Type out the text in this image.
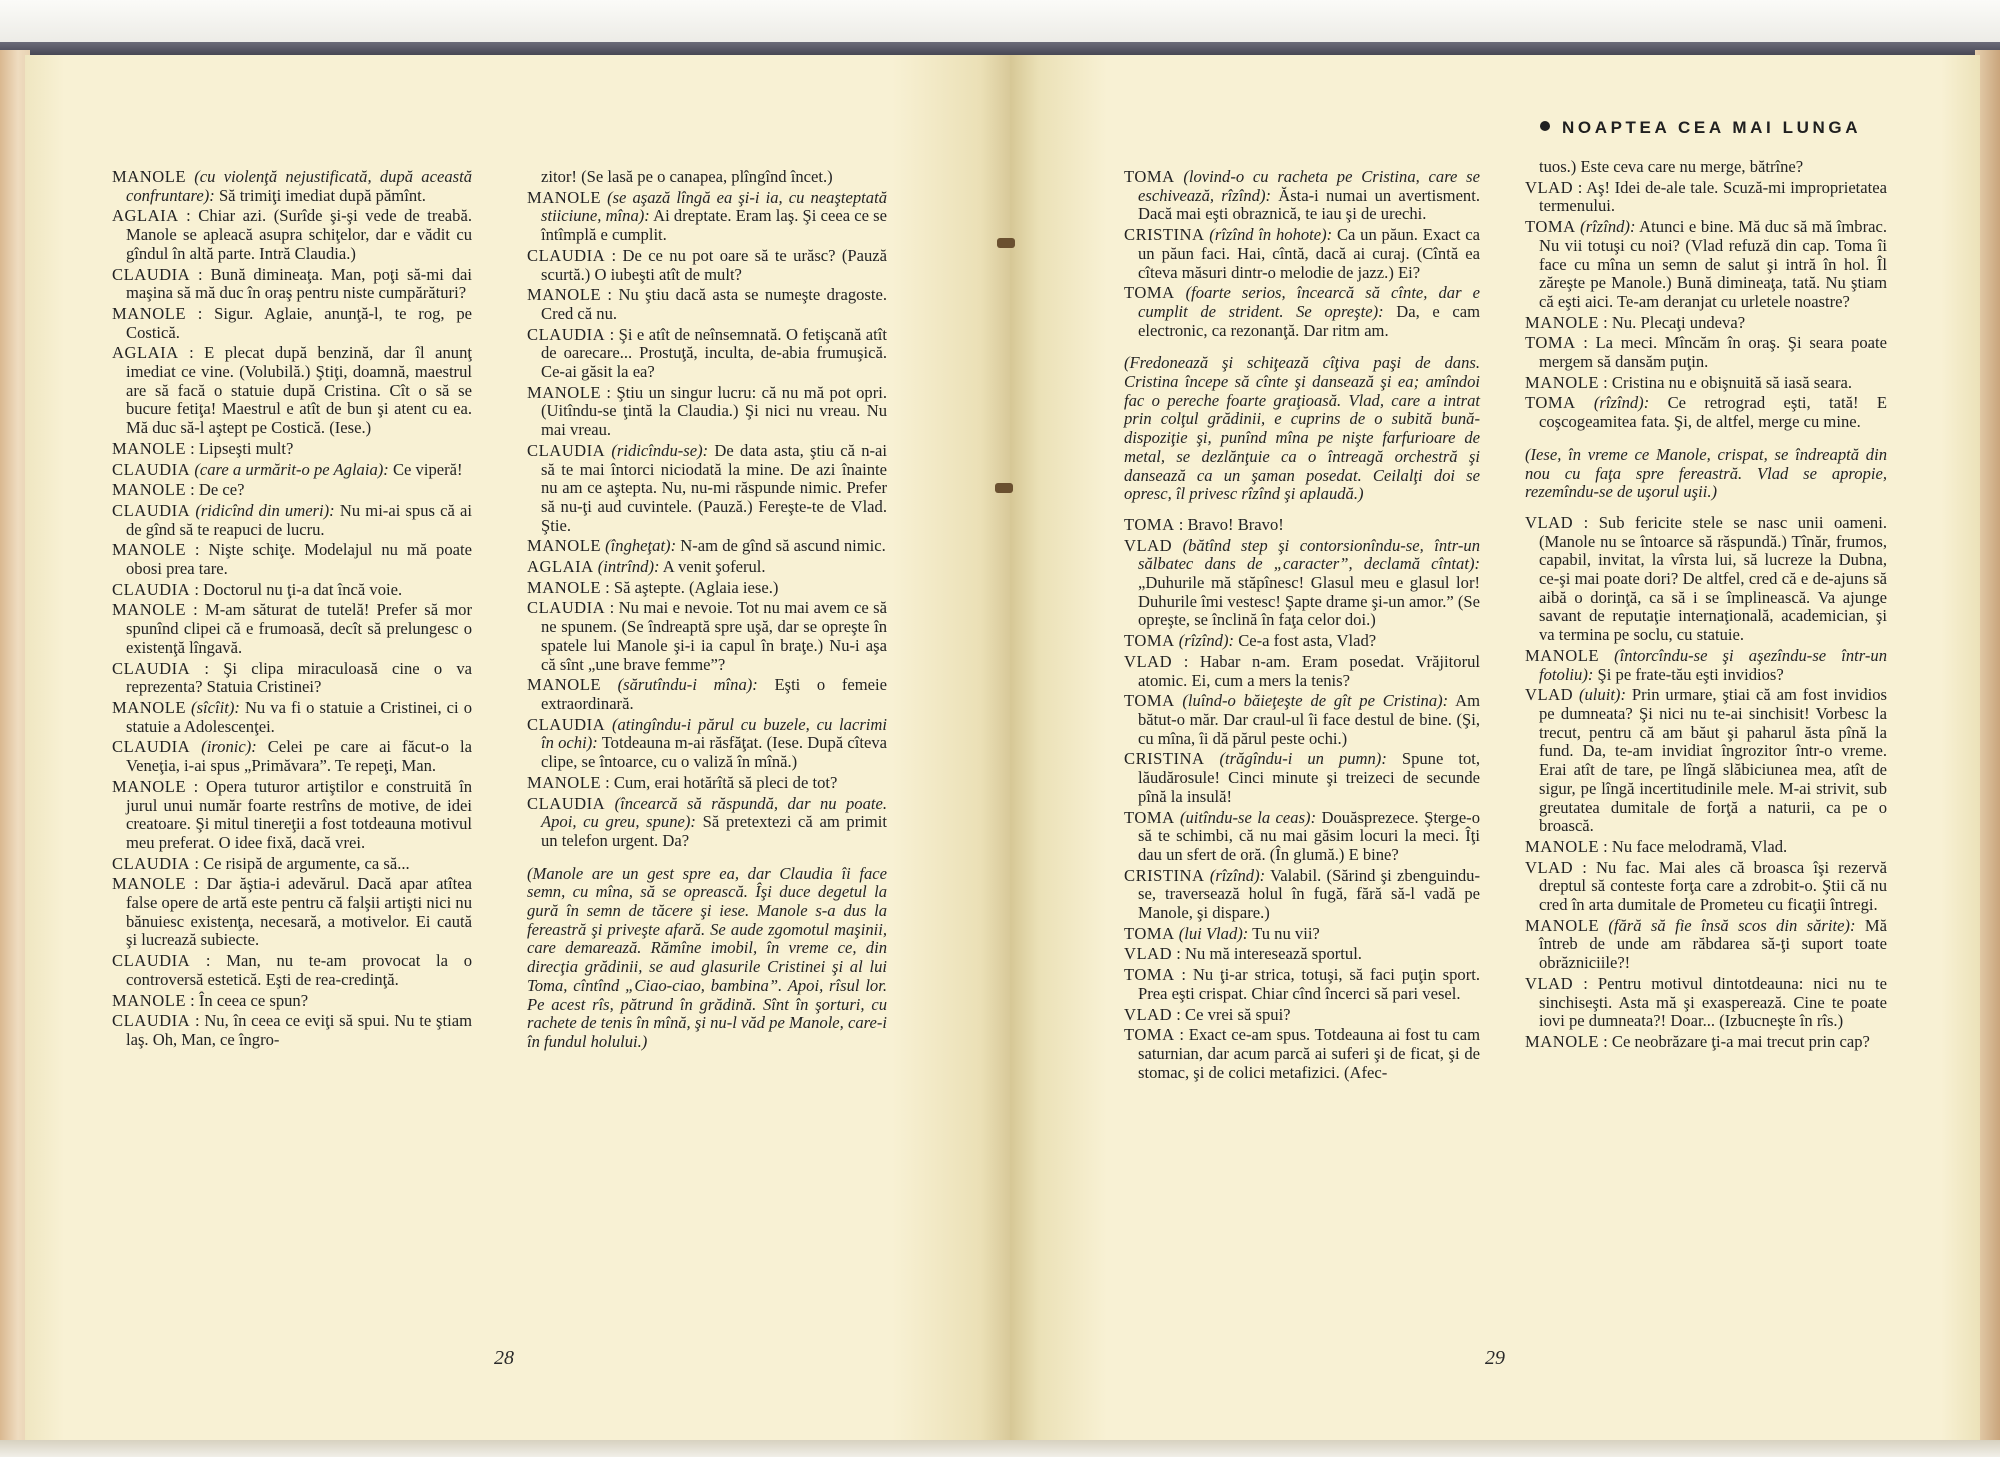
NOAPTEA CEA MAI LUNGA

MANOLE (cu violenţă nejustificată, după această confruntare): Să trimiţi imediat după pămînt.

AGLAIA : Chiar azi. (Surîde şi-şi vede de treabă. Manole se apleacă asupra schiţelor, dar e vădit cu gîndul în altă parte. Intră Claudia.)

CLAUDIA : Bună dimineaţa. Man, poţi să-mi dai maşina să mă duc în oraş pentru niste cumpărături?

MANOLE : Sigur. Aglaie, anunţă-l, te rog, pe Costică.

AGLAIA : E plecat după benzină, dar îl anunţ imediat ce vine. (Volubilă.) Ştiţi, doamnă, maestrul are să facă o statuie după Cristina. Cît o să se bucure fetiţa! Maestrul e atît de bun şi atent cu ea. Mă duc să-l aştept pe Costică. (Iese.)

MANOLE : Lipseşti mult?

CLAUDIA (care a urmărit-o pe Aglaia): Ce viperă!

MANOLE : De ce?

CLAUDIA (ridicînd din umeri): Nu mi-ai spus că ai de gînd să te reapuci de lucru.

MANOLE : Nişte schiţe. Modelajul nu mă poate obosi prea tare.

CLAUDIA : Doctorul nu ţi-a dat încă voie.

MANOLE : M-am săturat de tutelă! Prefer să mor spunînd clipei că e frumoasă, decît să prelungesc o existenţă lîngavă.

CLAUDIA : Şi clipa miraculoasă cine o va reprezenta? Statuia Cristinei?

MANOLE (sîcîit): Nu va fi o statuie a Cristinei, ci o statuie a Adolescenţei.

CLAUDIA (ironic): Celei pe care ai făcut-o la Veneţia, i-ai spus „Primăvara”. Te repeţi, Man.

MANOLE : Opera tuturor artiştilor e construită în jurul unui număr foarte restrîns de motive, de idei creatoare. Şi mitul tinereţii a fost totdeauna motivul meu preferat. O idee fixă, dacă vrei.

CLAUDIA : Ce risipă de argumente, ca să...

MANOLE : Dar ăştia-i adevărul. Dacă apar atîtea false opere de artă este pentru că falşii artişti nici nu bănuiesc existenţa, necesară, a motivelor. Ei caută şi lucrează subiecte.

CLAUDIA : Man, nu te-am provocat la o controversă estetică. Eşti de rea-credinţă.

MANOLE : În ceea ce spun?

CLAUDIA : Nu, în ceea ce eviţi să spui. Nu te ştiam laş. Oh, Man, ce îngro-

zitor! (Se lasă pe o canapea, plîngînd încet.)

MANOLE (se aşază lîngă ea şi-i ia, cu neaşteptată stiiciune, mîna): Ai dreptate. Eram laş. Şi ceea ce se întîmplă e cumplit.

CLAUDIA : De ce nu pot oare să te urăsc? (Pauză scurtă.) O iubeşti atît de mult?

MANOLE : Nu ştiu dacă asta se numeşte dragoste. Cred că nu.

CLAUDIA : Şi e atît de neînsemnată. O fetişcană atît de oarecare... Prostuţă, inculta, de-abia frumuşică. Ce-ai găsit la ea?

MANOLE : Ştiu un singur lucru: că nu mă pot opri. (Uitîndu-se ţintă la Claudia.) Şi nici nu vreau. Nu mai vreau.

CLAUDIA (ridicîndu-se): De data asta, ştiu că n-ai să te mai întorci niciodată la mine. De azi înainte nu am ce aştepta. Nu, nu-mi răspunde nimic. Prefer să nu-ţi aud cuvintele. (Pauză.) Fereşte-te de Vlad. Ştie.

MANOLE (îngheţat): N-am de gînd să ascund nimic.

AGLAIA (intrînd): A venit şoferul.

MANOLE : Să aştepte. (Aglaia iese.)

CLAUDIA : Nu mai e nevoie. Tot nu mai avem ce să ne spunem. (Se îndreaptă spre uşă, dar se opreşte în spatele lui Manole şi-i ia capul în braţe.) Nu-i aşa că sînt „une brave femme”?

MANOLE (sărutîndu-i mîna): Eşti o femeie extraordinară.

CLAUDIA (atingîndu-i părul cu buzele, cu lacrimi în ochi): Totdeauna m-ai răsfăţat. (Iese. După cîteva clipe, se întoarce, cu o valiză în mînă.)

MANOLE : Cum, erai hotărîtă să pleci de tot?

CLAUDIA (încearcă să răspundă, dar nu poate. Apoi, cu greu, spune): Să pretextezi că am primit un telefon urgent. Da?

(Manole are un gest spre ea, dar Claudia îi face semn, cu mîna, să se oprească. Îşi duce degetul la gură în semn de tăcere şi iese. Manole s-a dus la fereastră şi priveşte afară. Se aude zgomotul maşinii, care demarează. Rămîne imobil, în vreme ce, din direcţia grădinii, se aud glasurile Cristinei şi al lui Toma, cîntînd „Ciao-ciao, bambina”. Apoi, rîsul lor. Pe acest rîs, pătrund în grădină. Sînt în şorturi, cu rachete de tenis în mînă, şi nu-l văd pe Manole, care-i în fundul holului.)

TOMA (lovind-o cu racheta pe Cristina, care se eschivează, rîzînd): Ăsta-i numai un avertisment. Dacă mai eşti obraznică, te iau şi de urechi.

CRISTINA (rîzînd în hohote): Ca un păun. Exact ca un păun faci. Hai, cîntă, dacă ai curaj. (Cîntă ea cîteva măsuri dintr-o melodie de jazz.) Ei?

TOMA (foarte serios, încearcă să cînte, dar e cumplit de strident. Se opreşte): Da, e cam electronic, ca rezonanţă. Dar ritm am.

(Fredonează şi schiţează cîţiva paşi de dans. Cristina începe să cînte şi dansează şi ea; amîndoi fac o pereche foarte graţioasă. Vlad, care a intrat prin colţul grădinii, e cuprins de o subită bună-dispoziţie şi, punînd mîna pe nişte farfurioare de metal, se dezlănţuie ca o întreagă orchestră şi dansează ca un şaman posedat. Ceilalţi doi se opresc, îl privesc rîzînd şi aplaudă.)

TOMA : Bravo! Bravo!

VLAD (bătînd step şi contorsionîndu-se, într-un sălbatec dans de „caracter”, declamă cîntat): „Duhurile mă stăpînesc! Glasul meu e glasul lor! Duhurile îmi vestesc! Şapte drame şi-un amor.” (Se opreşte, se înclină în faţa celor doi.)

TOMA (rîzînd): Ce-a fost asta, Vlad?

VLAD : Habar n-am. Eram posedat. Vrăjitorul atomic. Ei, cum a mers la tenis?

TOMA (luînd-o băieţeşte de gît pe Cristina): Am bătut-o măr. Dar craul-ul îi face destul de bine. (Şi, cu mîna, îi dă părul peste ochi.)

CRISTINA (trăgîndu-i un pumn): Spune tot, lăudărosule! Cinci minute şi treizeci de secunde pînă la insulă!

TOMA (uitîndu-se la ceas): Douăsprezece. Şterge-o să te schimbi, că nu mai găsim locuri la meci. Îţi dau un sfert de oră. (În glumă.) E bine?

CRISTINA (rîzînd): Valabil. (Sărind şi zbenguindu-se, traversează holul în fugă, fără să-l vadă pe Manole, şi dispare.)

TOMA (lui Vlad): Tu nu vii?

VLAD : Nu mă interesează sportul.

TOMA : Nu ţi-ar strica, totuşi, să faci puţin sport. Prea eşti crispat. Chiar cînd încerci să pari vesel.

VLAD : Ce vrei să spui?

TOMA : Exact ce-am spus. Totdeauna ai fost tu cam saturnian, dar acum parcă ai suferi şi de ficat, şi de stomac, şi de colici metafizici. (Afec-

tuos.) Este ceva care nu merge, bătrîne?

VLAD : Aş! Idei de-ale tale. Scuză-mi improprietatea termenului.

TOMA (rîzînd): Atunci e bine. Mă duc să mă îmbrac. Nu vii totuşi cu noi? (Vlad refuză din cap. Toma îi face cu mîna un semn de salut şi intră în hol. Îl zăreşte pe Manole.) Bună dimineaţa, tată. Nu ştiam că eşti aici. Te-am deranjat cu urletele noastre?

MANOLE : Nu. Plecaţi undeva?

TOMA : La meci. Mîncăm în oraş. Şi seara poate mergem să dansăm puţin.

MANOLE : Cristina nu e obişnuită să iasă seara.

TOMA (rîzînd): Ce retrograd eşti, tată! E coşcogeamitea fata. Şi, de altfel, merge cu mine.

(Iese, în vreme ce Manole, crispat, se îndreaptă din nou cu faţa spre fereastră. Vlad se apropie, rezemîndu-se de uşorul uşii.)

VLAD : Sub fericite stele se nasc unii oameni. (Manole nu se întoarce să răspundă.) Tînăr, frumos, capabil, invitat, la vîrsta lui, să lucreze la Dubna, ce-şi mai poate dori? De altfel, cred că e de-ajuns să aibă o dorinţă, ca să i se împlinească. Va ajunge savant de reputaţie internaţională, academician, şi va termina pe soclu, cu statuie.

MANOLE (întorcîndu-se şi aşezîndu-se într-un fotoliu): Şi pe frate-tău eşti invidios?

VLAD (uluit): Prin urmare, ştiai că am fost invidios pe dumneata? Şi nici nu te-ai sinchisit! Vorbesc la trecut, pentru că am băut şi paharul ăsta pînă la fund. Da, te-am invidiat îngrozitor într-o vreme. Erai atît de tare, pe lîngă slăbiciunea mea, atît de sigur, pe lîngă incertitudinile mele. M-ai strivit, sub greutatea dumitale de forţă a naturii, ca pe o broască.

MANOLE : Nu face melodramă, Vlad.

VLAD : Nu fac. Mai ales că broasca îşi rezervă dreptul să conteste forţa care a zdrobit-o. Ştii că nu cred în arta dumitale de Prometeu cu ficaţii întregi.

MANOLE (fără să fie însă scos din sărite): Mă întreb de unde am răbdarea să-ţi suport toate obrăzniciile?!

VLAD : Pentru motivul dintotdeauna: nici nu te sinchiseşti. Asta mă şi exasperează. Cine te poate iovi pe dumneata?! Doar... (Izbucneşte în rîs.)

MANOLE : Ce neobrăzare ţi-a mai trecut prin cap?

28	29
